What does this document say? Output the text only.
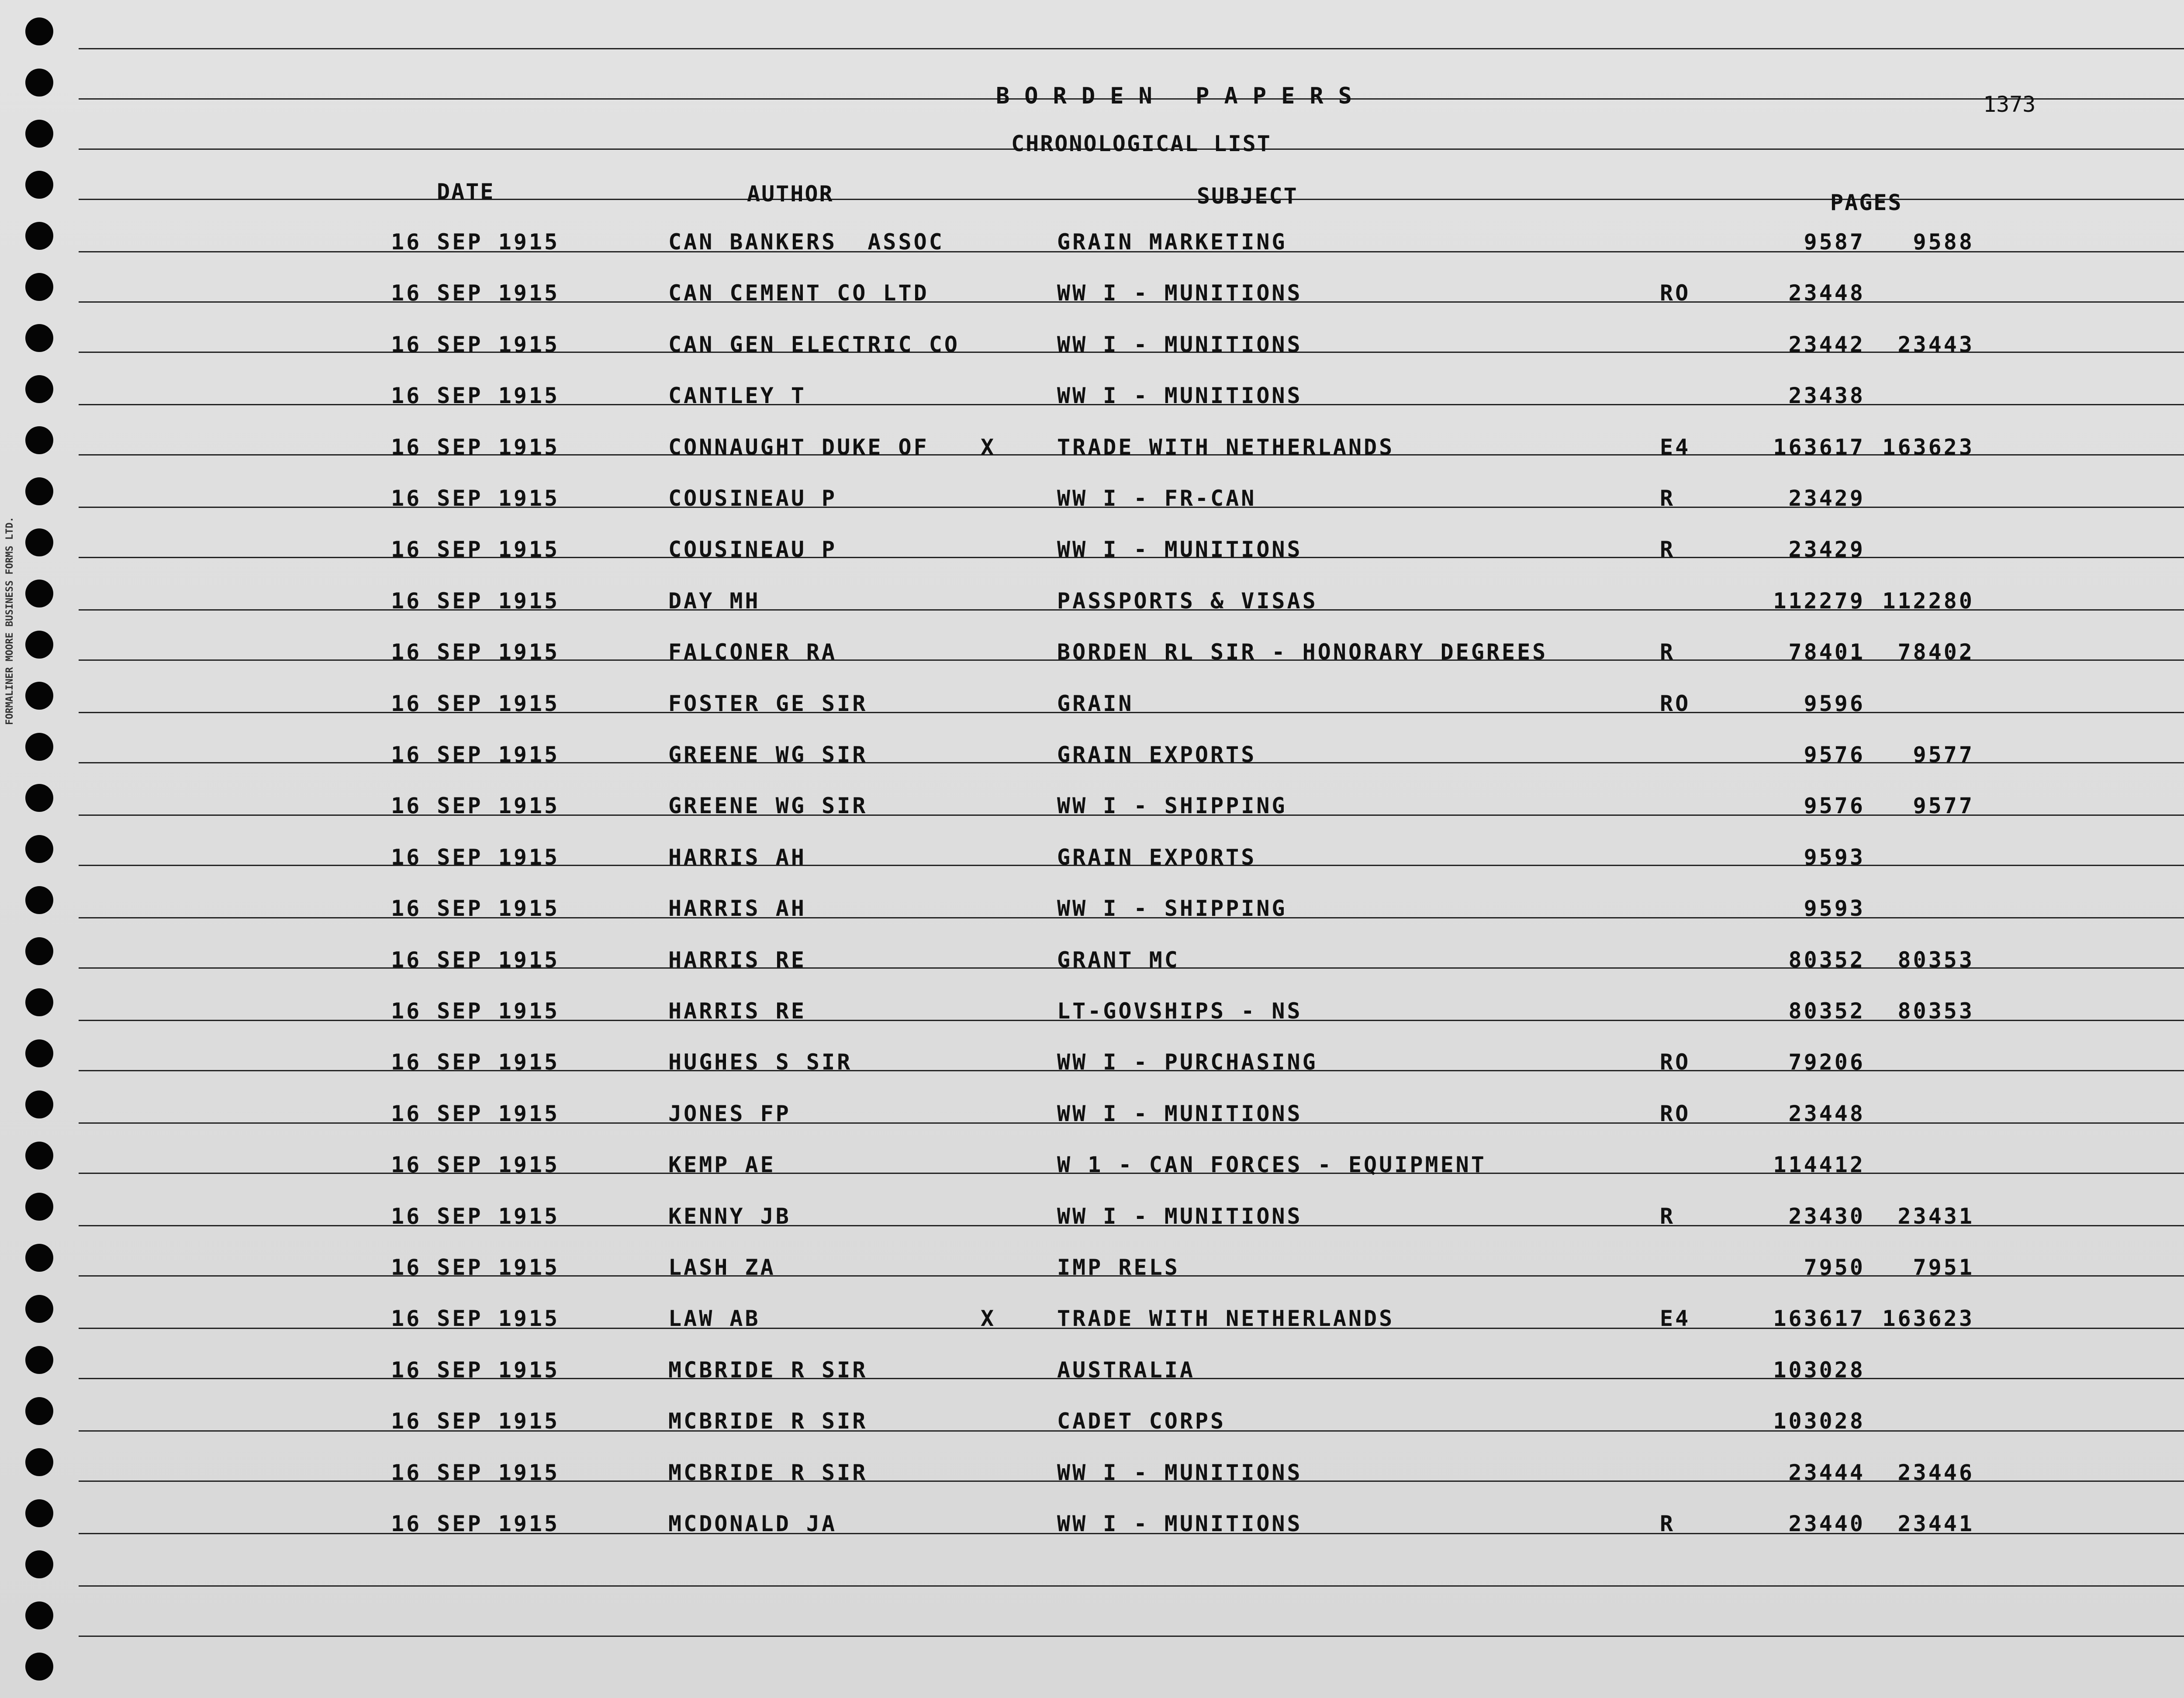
FORMALINER MOORE BUSINESS FORMS LTD.
BORDEN PAPERS	1373
CHRONOLOGICAL LIST
DATE	AUTHOR	SUBJECT	PAGES
16 SEP 1915	CAN BANKERS  ASSOC	GRAIN MARKETING	9587	9588
16 SEP 1915	CAN CEMENT CO LTD	WW I - MUNITIONS	RO	23448
16 SEP 1915	CAN GEN ELECTRIC CO	WW I - MUNITIONS	23442	23443
16 SEP 1915	CANTLEY T	WW I - MUNITIONS	23438
16 SEP 1915	CONNAUGHT DUKE OF X	TRADE WITH NETHERLANDS	E4	163617 163623
16 SEP 1915	COUSINEAU P	WW I - FR-CAN	R	23429
16 SEP 1915	COUSINEAU P	WW I - MUNITIONS	R	23429
16 SEP 1915	DAY MH	PASSPORTS & VISAS	112279 112280
16 SEP 1915	FALCONER RA	BORDEN RL SIR - HONORARY DEGREES	R	78401	78402
16 SEP 1915	FOSTER GE SIR	GRAIN	RO	9596
16 SEP 1915	GREENE WG SIR	GRAIN EXPORTS	9576	9577
16 SEP 1915	GREENE WG SIR	WW I - SHIPPING	9576	9577
16 SEP 1915	HARRIS AH	GRAIN EXPORTS	9593
16 SEP 1915	HARRIS AH	WW I - SHIPPING	9593
16 SEP 1915	HARRIS RE	GRANT MC	80352	80353
16 SEP 1915	HARRIS RE	LT-GOVSHIPS - NS	80352	80353
16 SEP 1915	HUGHES S SIR	WW I - PURCHASING	RO	79206
16 SEP 1915	JONES FP	WW I - MUNITIONS	RO	23448
16 SEP 1915	KEMP AE	W 1 - CAN FORCES - EQUIPMENT	114412
16 SEP 1915	KENNY JB	WW I - MUNITIONS	R	23430	23431
16 SEP 1915	LASH ZA	IMP RELS	7950	7951
16 SEP 1915	LAW AB	X	TRADE WITH NETHERLANDS	E4	163617 163623
16 SEP 1915	MCBRIDE R SIR	AUSTRALIA	103028
16 SEP 1915	MCBRIDE R SIR	CADET CORPS	103028
16 SEP 1915	MCBRIDE R SIR	WW I - MUNITIONS	23444	23446
16 SEP 1915	MCDONALD JA	WW I - MUNITIONS	R	23440	23441
